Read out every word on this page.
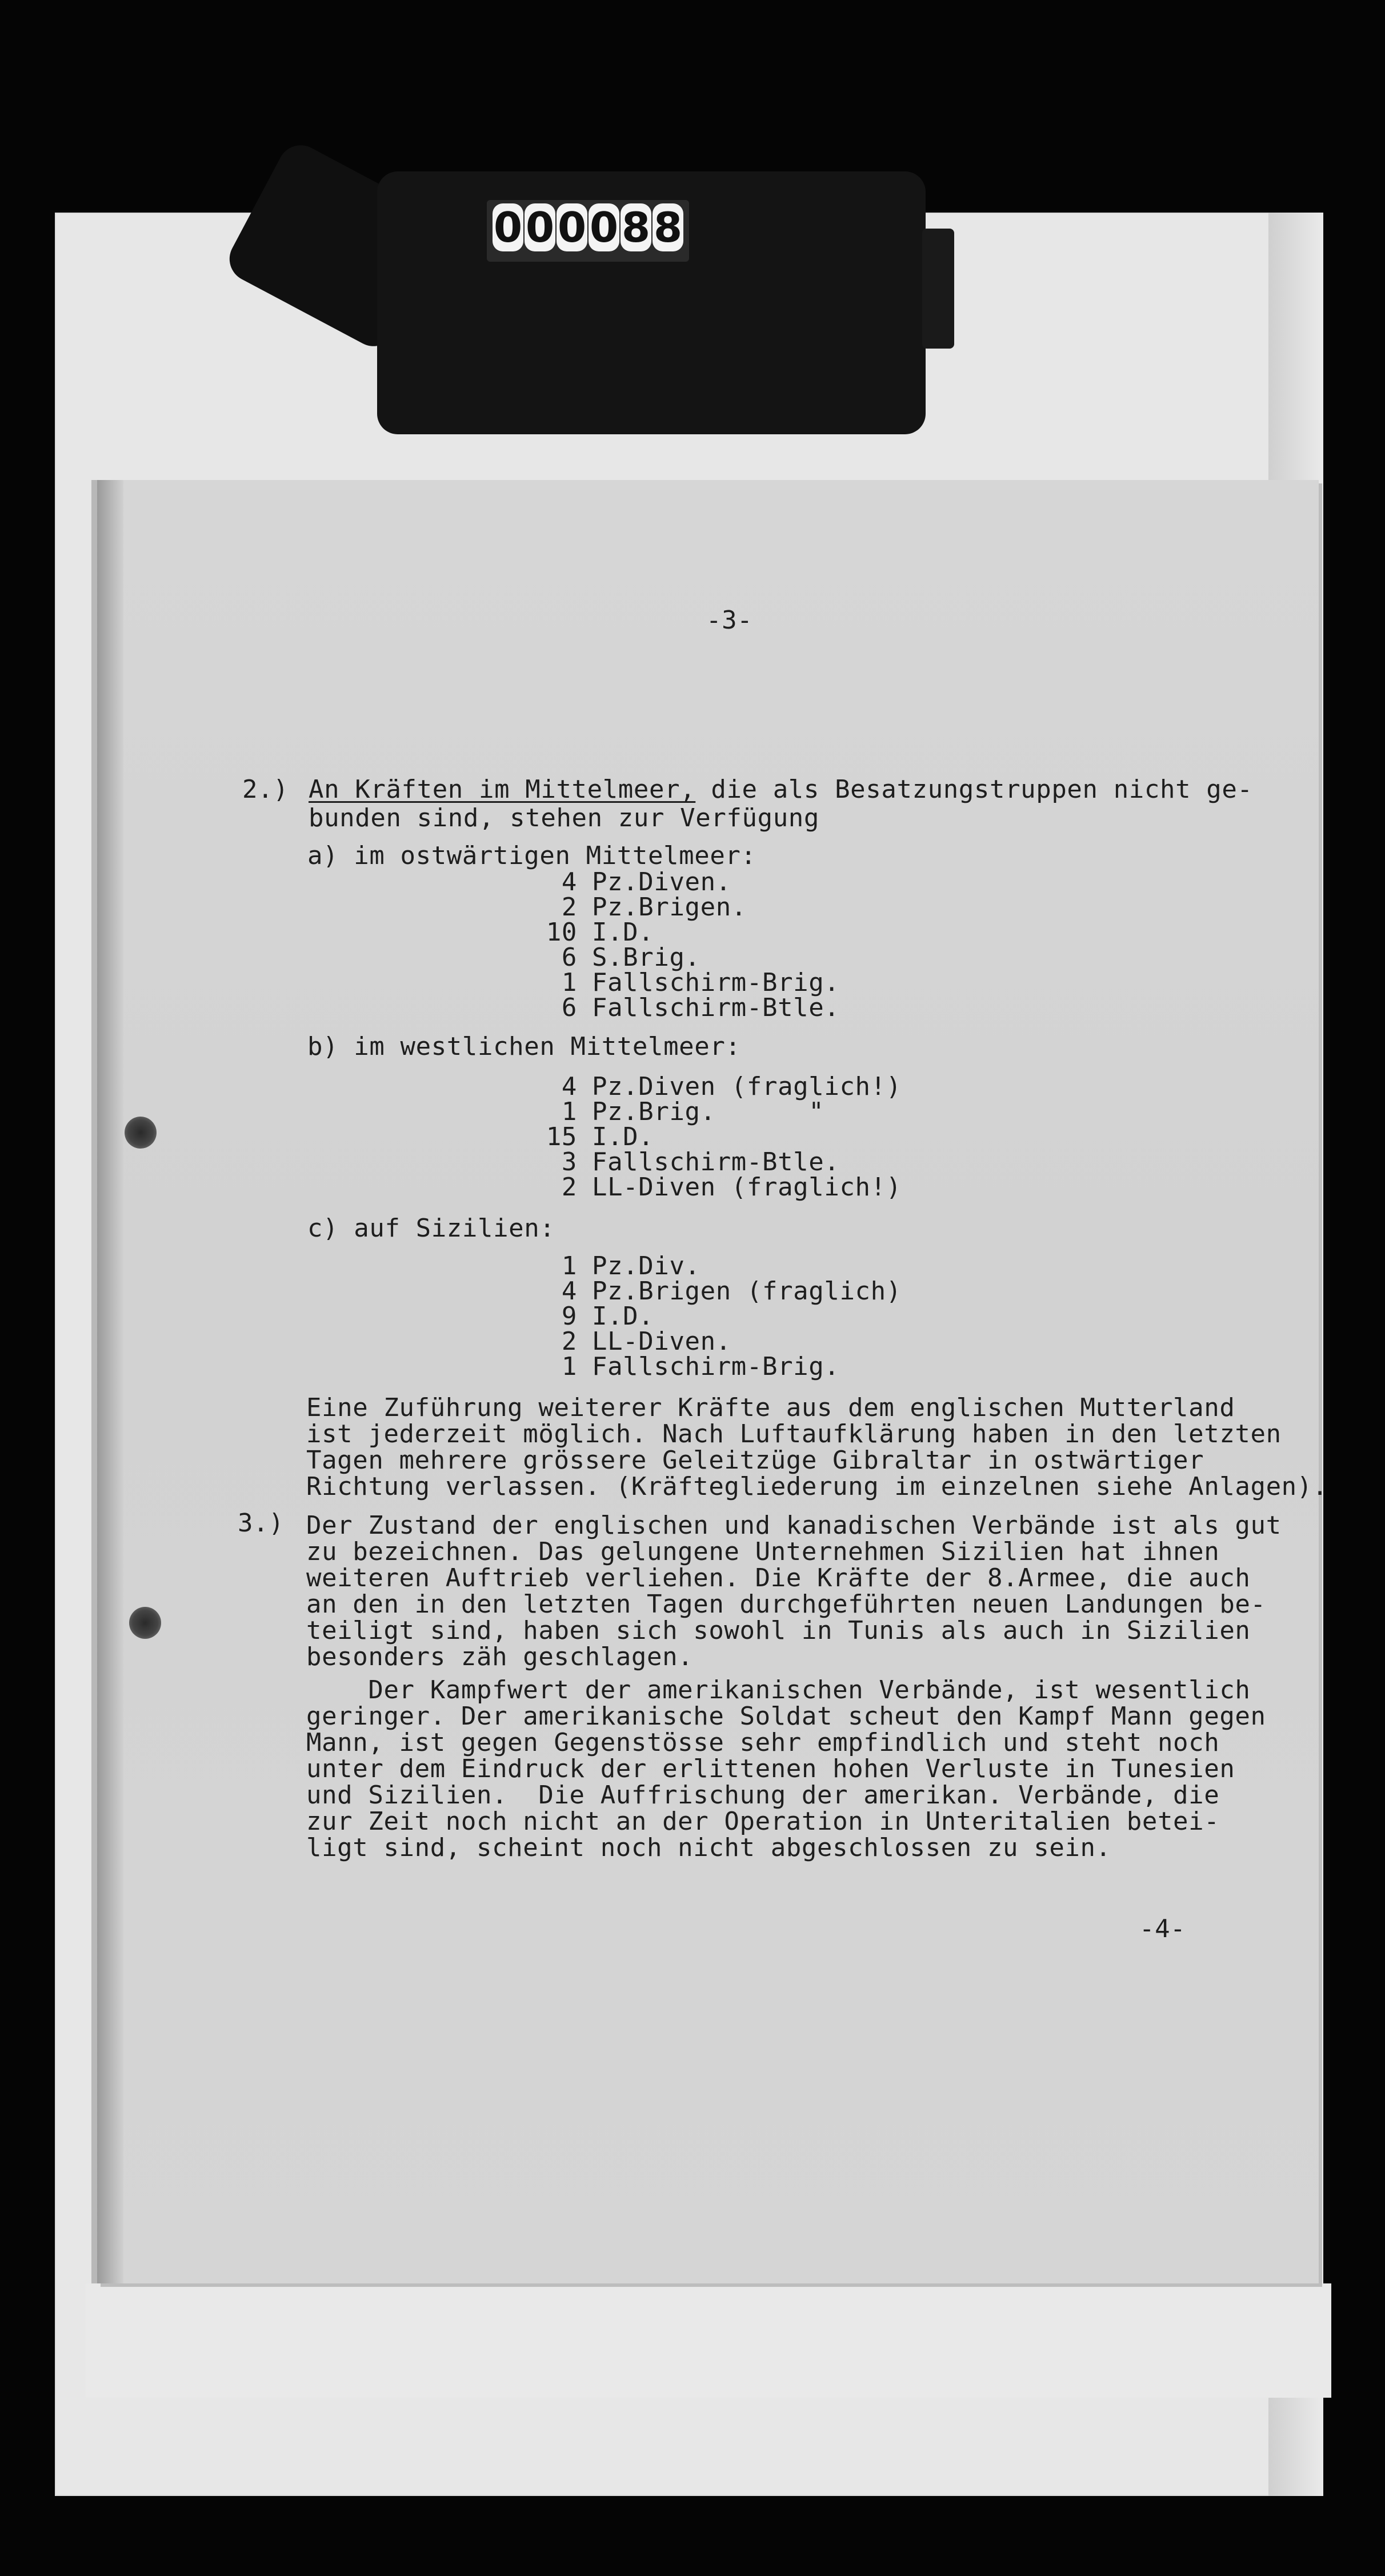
0 0 0 0 8 8
-3-
2.) An Kräften im Mittelmeer, die als Besatzungstruppen nicht ge-
bunden sind, stehen zur Verfügung
a) im ostwärtigen Mittelmeer:
4 Pz.Diven.
2 Pz.Brigen.
10 I.D.
6 S.Brig.
1 Fallschirm-Brig.
6 Fallschirm-Btle.
b) im westlichen Mittelmeer:
4 Pz.Diven (fraglich!)
1 Pz.Brig.      "
15 I.D.
3 Fallschirm-Btle.
2 LL-Diven (fraglich!)
c) auf Sizilien:
1 Pz.Div.
4 Pz.Brigen (fraglich)
9 I.D.
2 LL-Diven.
1 Fallschirm-Brig.
Eine Zuführung weiterer Kräfte aus dem englischen Mutterland
ist jederzeit möglich. Nach Luftaufklärung haben in den letzten
Tagen mehrere grössere Geleitzüge Gibraltar in ostwärtiger
Richtung verlassen. (Kräftegliederung im einzelnen siehe Anlagen).
3.) Der Zustand der englischen und kanadischen Verbände ist als gut
zu bezeichnen. Das gelungene Unternehmen Sizilien hat ihnen
weiteren Auftrieb verliehen. Die Kräfte der 8.Armee, die auch
an den in den letzten Tagen durchgeführten neuen Landungen be-
teiligt sind, haben sich sowohl in Tunis als auch in Sizilien
besonders zäh geschlagen.
Der Kampfwert der amerikanischen Verbände, ist wesentlich
geringer. Der amerikanische Soldat scheut den Kampf Mann gegen
Mann, ist gegen Gegenstösse sehr empfindlich und steht noch
unter dem Eindruck der erlittenen hohen Verluste in Tunesien
und Sizilien.  Die Auffrischung der amerikan. Verbände, die
zur Zeit noch nicht an der Operation in Unteritalien betei-
ligt sind, scheint noch nicht abgeschlossen zu sein.
-4-
